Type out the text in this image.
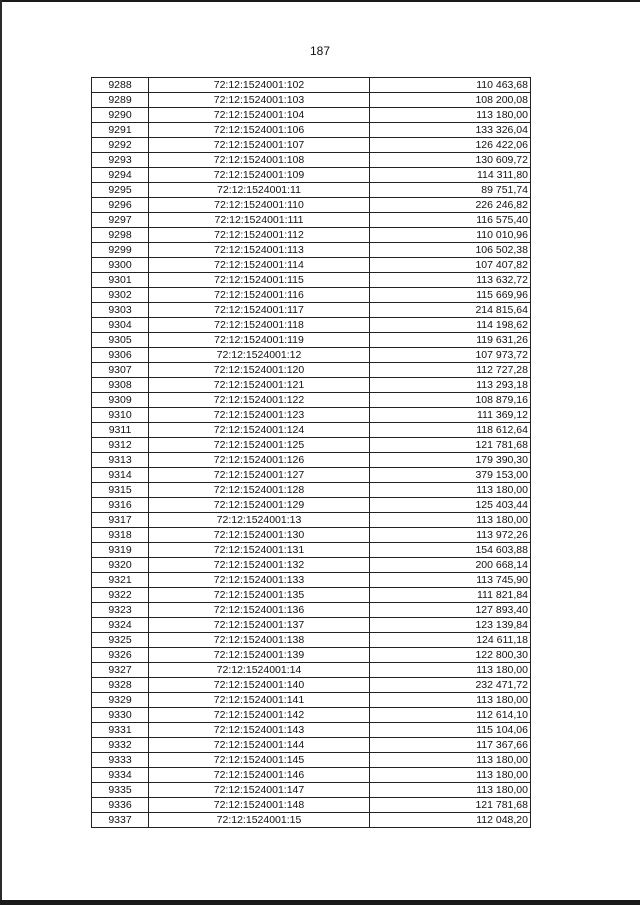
187
9288	72:12:1524001:102	110 463,68
9289	72:12:1524001:103	108 200,08
9290	72:12:1524001:104	113 180,00
9291	72:12:1524001:106	133 326,04
9292	72:12:1524001:107	126 422,06
9293	72:12:1524001:108	130 609,72
9294	72:12:1524001:109	114 311,80
9295	72:12:1524001:11	89 751,74
9296	72:12:1524001:110	226 246,82
9297	72:12:1524001:111	116 575,40
9298	72:12:1524001:112	110 010,96
9299	72:12:1524001:113	106 502,38
9300	72:12:1524001:114	107 407,82
9301	72:12:1524001:115	113 632,72
9302	72:12:1524001:116	115 669,96
9303	72:12:1524001:117	214 815,64
9304	72:12:1524001:118	114 198,62
9305	72:12:1524001:119	119 631,26
9306	72:12:1524001:12	107 973,72
9307	72:12:1524001:120	112 727,28
9308	72:12:1524001:121	113 293,18
9309	72:12:1524001:122	108 879,16
9310	72:12:1524001:123	111 369,12
9311	72:12:1524001:124	118 612,64
9312	72:12:1524001:125	121 781,68
9313	72:12:1524001:126	179 390,30
9314	72:12:1524001:127	379 153,00
9315	72:12:1524001:128	113 180,00
9316	72:12:1524001:129	125 403,44
9317	72:12:1524001:13	113 180,00
9318	72:12:1524001:130	113 972,26
9319	72:12:1524001:131	154 603,88
9320	72:12:1524001:132	200 668,14
9321	72:12:1524001:133	113 745,90
9322	72:12:1524001:135	111 821,84
9323	72:12:1524001:136	127 893,40
9324	72:12:1524001:137	123 139,84
9325	72:12:1524001:138	124 611,18
9326	72:12:1524001:139	122 800,30
9327	72:12:1524001:14	113 180,00
9328	72:12:1524001:140	232 471,72
9329	72:12:1524001:141	113 180,00
9330	72:12:1524001:142	112 614,10
9331	72:12:1524001:143	115 104,06
9332	72:12:1524001:144	117 367,66
9333	72:12:1524001:145	113 180,00
9334	72:12:1524001:146	113 180,00
9335	72:12:1524001:147	113 180,00
9336	72:12:1524001:148	121 781,68
9337	72:12:1524001:15	112 048,20
